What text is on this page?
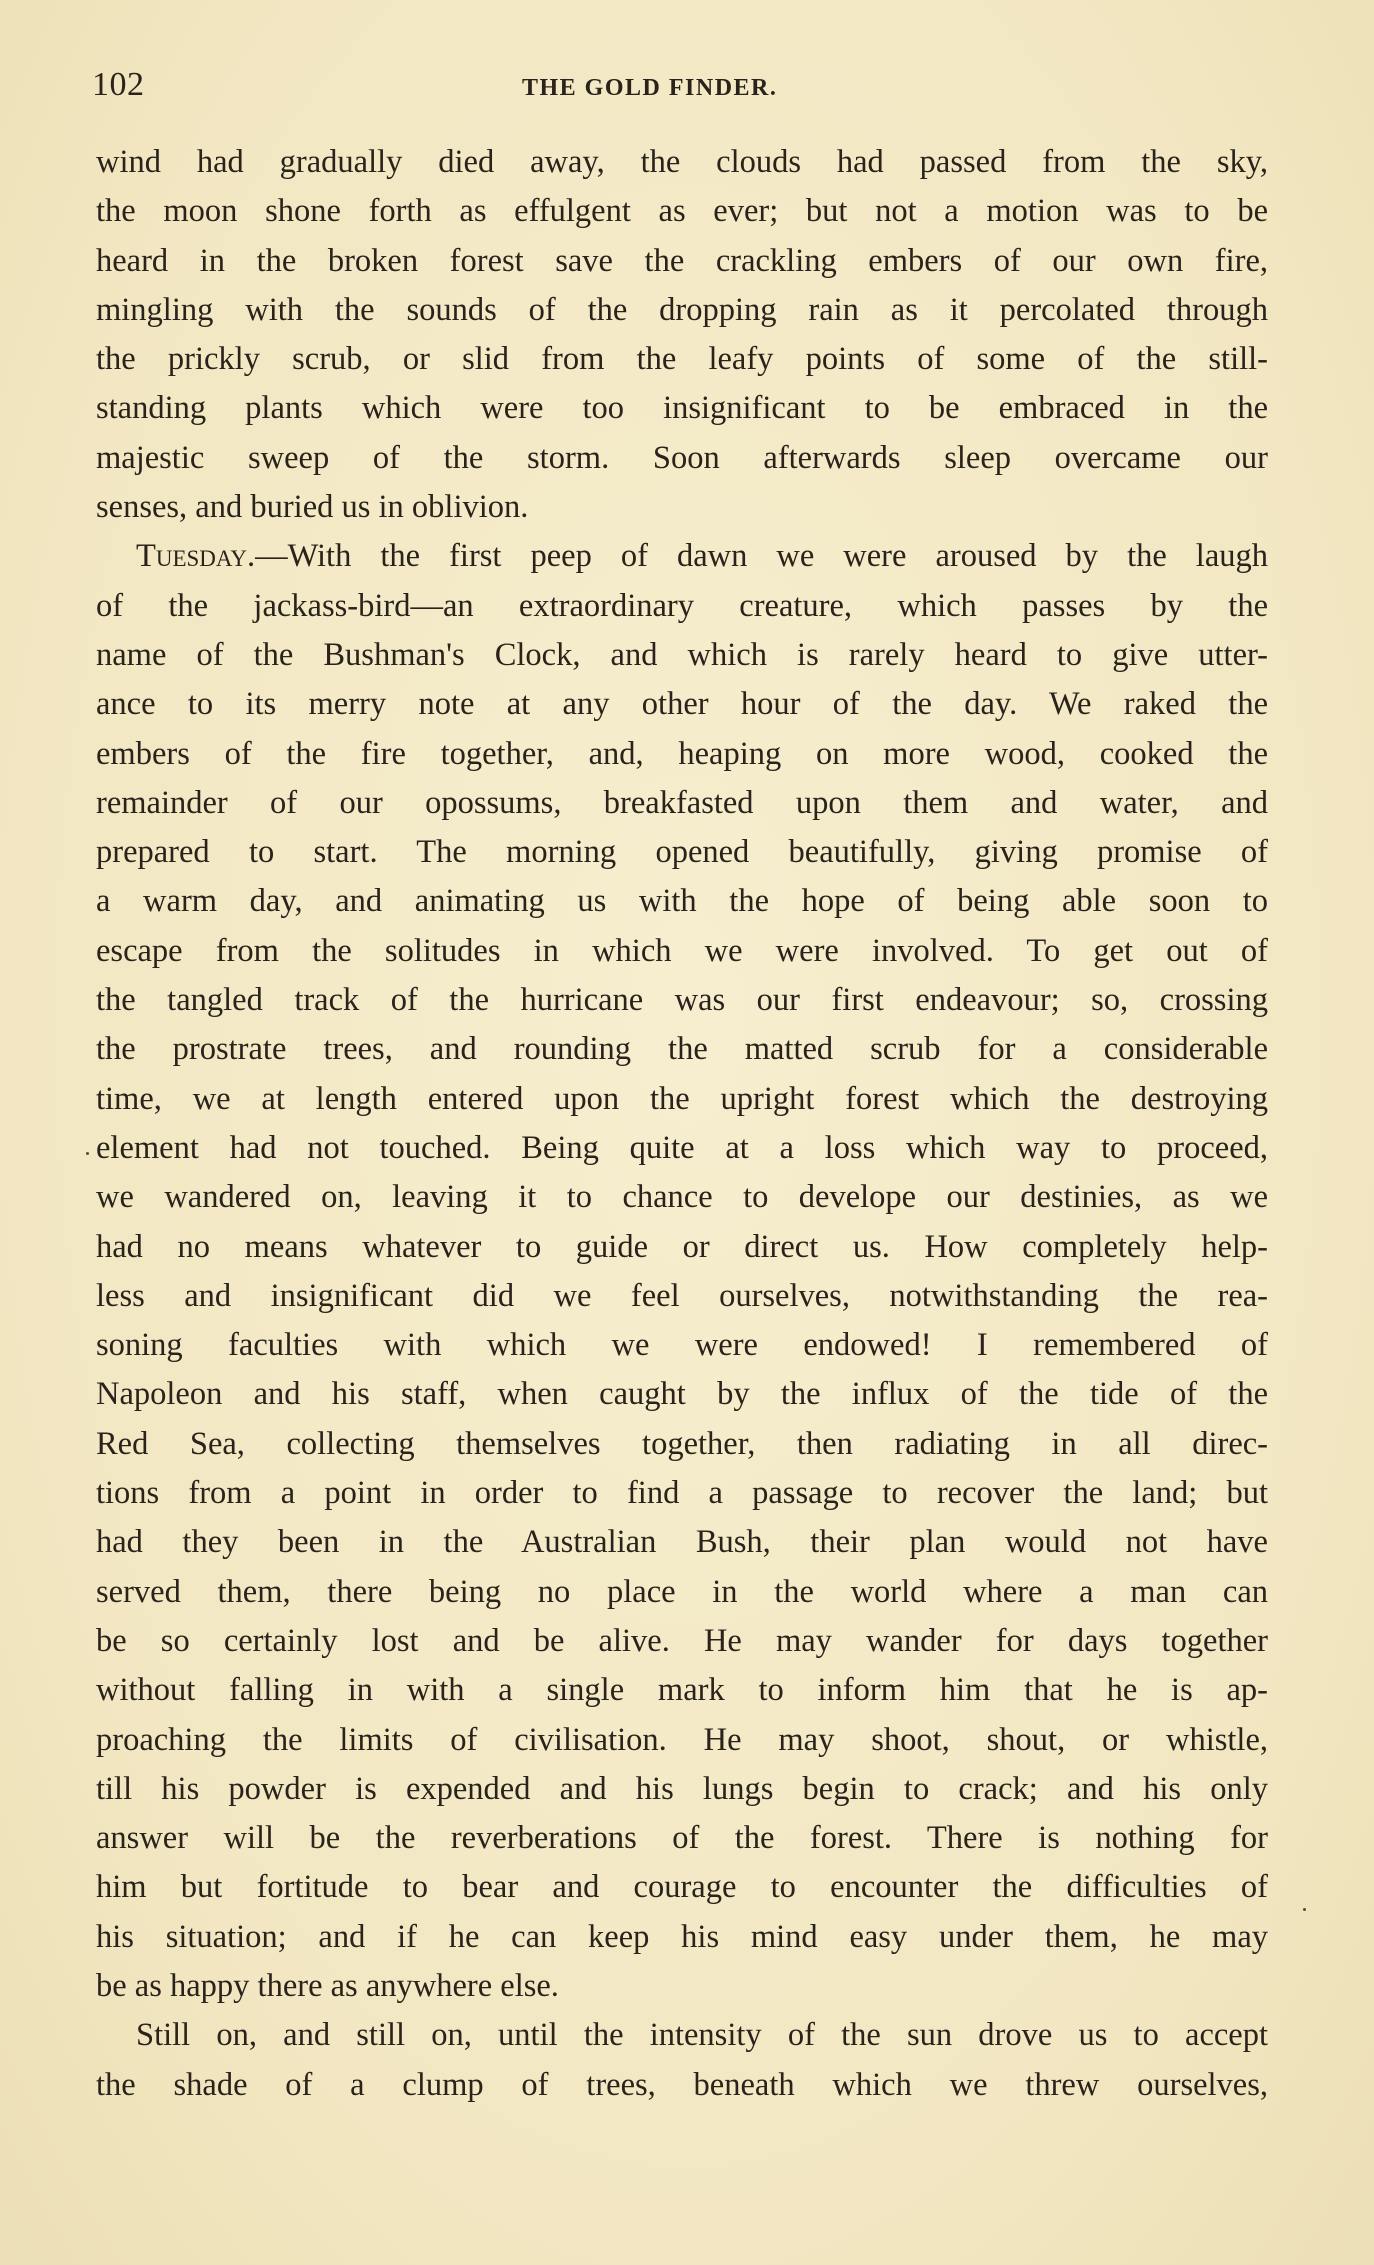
102	THE GOLD FINDER.
wind had gradually died away, the clouds had passed from the sky,
the moon shone forth as effulgent as ever; but not a motion was to be
heard in the broken forest save the crackling embers of our own fire,
mingling with the sounds of the dropping rain as it percolated through
the prickly scrub, or slid from the leafy points of some of the still-
standing plants which were too insignificant to be embraced in the
majestic sweep of the storm. Soon afterwards sleep overcame our
senses, and buried us in oblivion.
Tuesday.—With the first peep of dawn we were aroused by the laugh
of the jackass-bird—an extraordinary creature, which passes by the
name of the Bushman's Clock, and which is rarely heard to give utter-
ance to its merry note at any other hour of the day. We raked the
embers of the fire together, and, heaping on more wood, cooked the
remainder of our opossums, breakfasted upon them and water, and
prepared to start. The morning opened beautifully, giving promise of
a warm day, and animating us with the hope of being able soon to
escape from the solitudes in which we were involved. To get out of
the tangled track of the hurricane was our first endeavour; so, crossing
the prostrate trees, and rounding the matted scrub for a considerable
time, we at length entered upon the upright forest which the destroying
element had not touched. Being quite at a loss which way to proceed,
we wandered on, leaving it to chance to develope our destinies, as we
had no means whatever to guide or direct us. How completely help-
less and insignificant did we feel ourselves, notwithstanding the rea-
soning faculties with which we were endowed! I remembered of
Napoleon and his staff, when caught by the influx of the tide of the
Red Sea, collecting themselves together, then radiating in all direc-
tions from a point in order to find a passage to recover the land; but
had they been in the Australian Bush, their plan would not have
served them, there being no place in the world where a man can
be so certainly lost and be alive. He may wander for days together
without falling in with a single mark to inform him that he is ap-
proaching the limits of civilisation. He may shoot, shout, or whistle,
till his powder is expended and his lungs begin to crack; and his only
answer will be the reverberations of the forest. There is nothing for
him but fortitude to bear and courage to encounter the difficulties of
his situation; and if he can keep his mind easy under them, he may
be as happy there as anywhere else.
Still on, and still on, until the intensity of the sun drove us to accept
the shade of a clump of trees, beneath which we threw ourselves,
